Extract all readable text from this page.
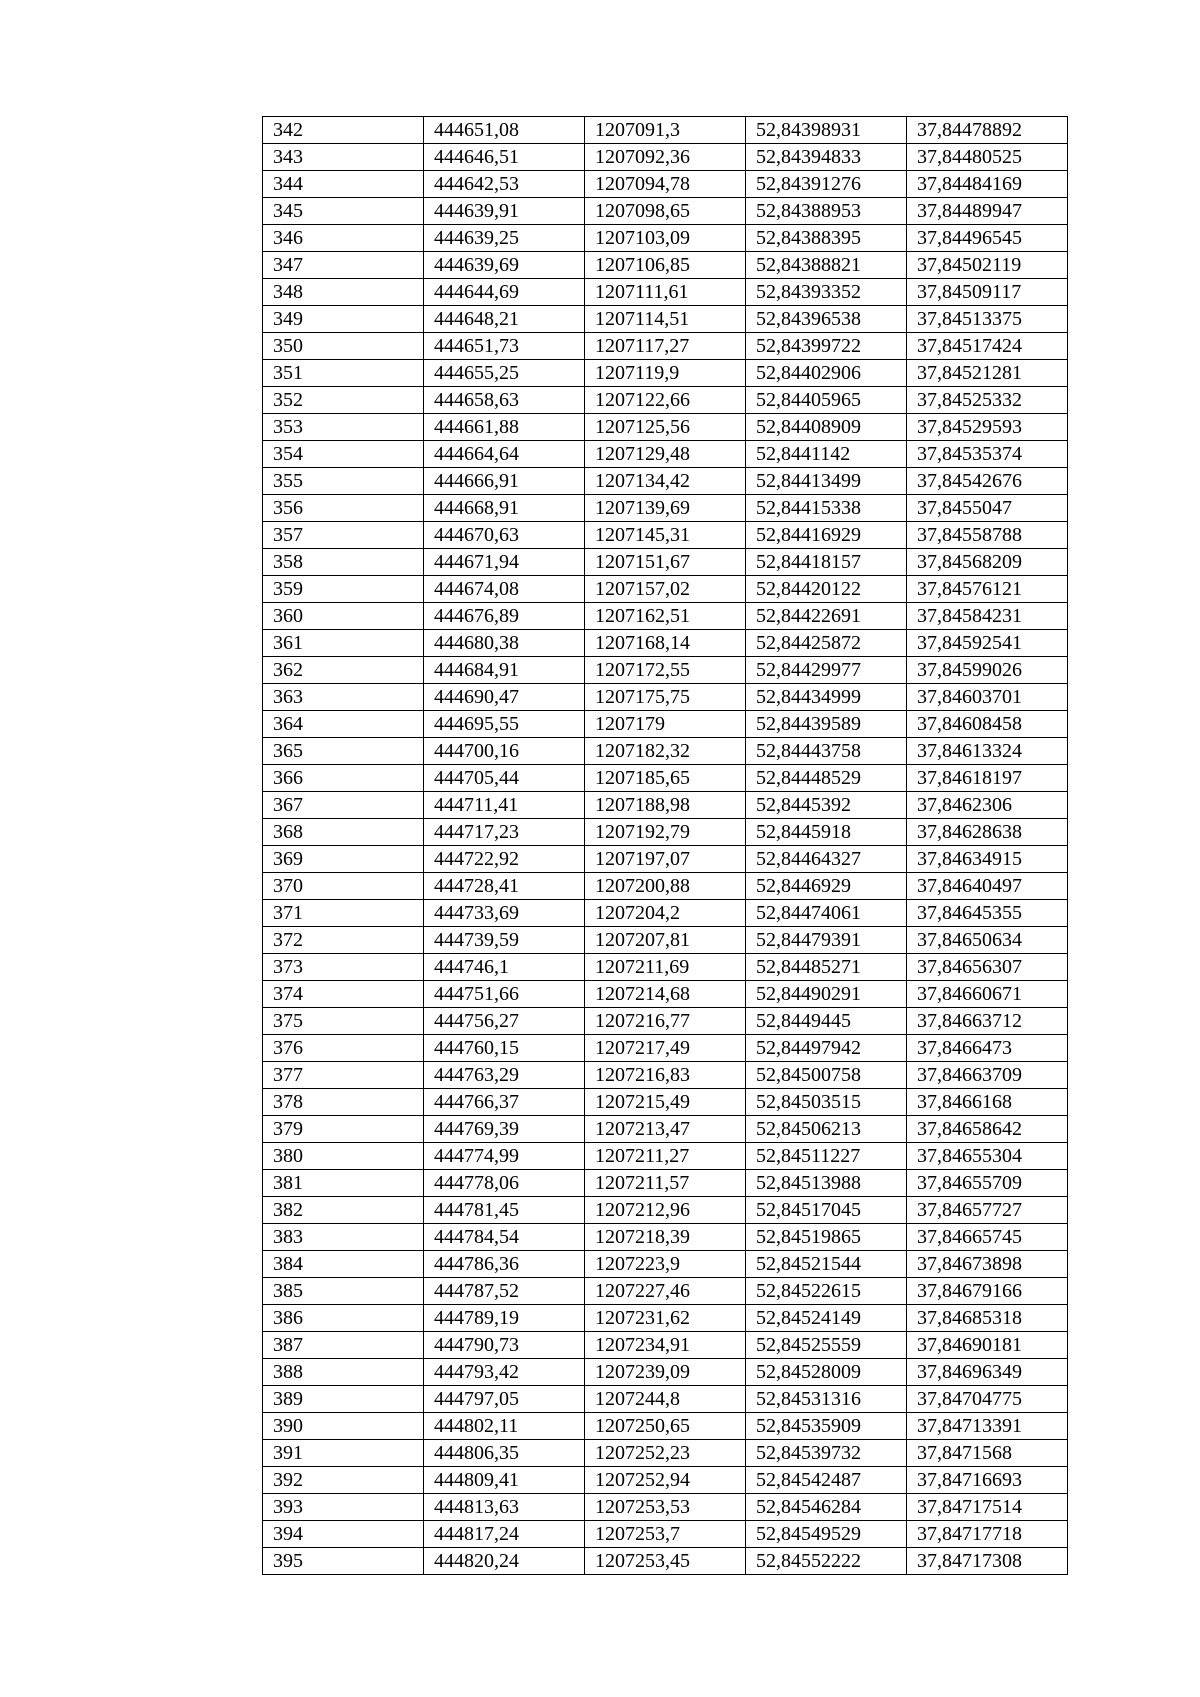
342	444651,08	1207091,3	52,84398931	37,84478892
343	444646,51	1207092,36	52,84394833	37,84480525
344	444642,53	1207094,78	52,84391276	37,84484169
345	444639,91	1207098,65	52,84388953	37,84489947
346	444639,25	1207103,09	52,84388395	37,84496545
347	444639,69	1207106,85	52,84388821	37,84502119
348	444644,69	1207111,61	52,84393352	37,84509117
349	444648,21	1207114,51	52,84396538	37,84513375
350	444651,73	1207117,27	52,84399722	37,84517424
351	444655,25	1207119,9	52,84402906	37,84521281
352	444658,63	1207122,66	52,84405965	37,84525332
353	444661,88	1207125,56	52,84408909	37,84529593
354	444664,64	1207129,48	52,8441142	37,84535374
355	444666,91	1207134,42	52,84413499	37,84542676
356	444668,91	1207139,69	52,84415338	37,8455047
357	444670,63	1207145,31	52,84416929	37,84558788
358	444671,94	1207151,67	52,84418157	37,84568209
359	444674,08	1207157,02	52,84420122	37,84576121
360	444676,89	1207162,51	52,84422691	37,84584231
361	444680,38	1207168,14	52,84425872	37,84592541
362	444684,91	1207172,55	52,84429977	37,84599026
363	444690,47	1207175,75	52,84434999	37,84603701
364	444695,55	1207179	52,84439589	37,84608458
365	444700,16	1207182,32	52,84443758	37,84613324
366	444705,44	1207185,65	52,84448529	37,84618197
367	444711,41	1207188,98	52,8445392	37,8462306
368	444717,23	1207192,79	52,8445918	37,84628638
369	444722,92	1207197,07	52,84464327	37,84634915
370	444728,41	1207200,88	52,8446929	37,84640497
371	444733,69	1207204,2	52,84474061	37,84645355
372	444739,59	1207207,81	52,84479391	37,84650634
373	444746,1	1207211,69	52,84485271	37,84656307
374	444751,66	1207214,68	52,84490291	37,84660671
375	444756,27	1207216,77	52,8449445	37,84663712
376	444760,15	1207217,49	52,84497942	37,8466473
377	444763,29	1207216,83	52,84500758	37,84663709
378	444766,37	1207215,49	52,84503515	37,8466168
379	444769,39	1207213,47	52,84506213	37,84658642
380	444774,99	1207211,27	52,84511227	37,84655304
381	444778,06	1207211,57	52,84513988	37,84655709
382	444781,45	1207212,96	52,84517045	37,84657727
383	444784,54	1207218,39	52,84519865	37,84665745
384	444786,36	1207223,9	52,84521544	37,84673898
385	444787,52	1207227,46	52,84522615	37,84679166
386	444789,19	1207231,62	52,84524149	37,84685318
387	444790,73	1207234,91	52,84525559	37,84690181
388	444793,42	1207239,09	52,84528009	37,84696349
389	444797,05	1207244,8	52,84531316	37,84704775
390	444802,11	1207250,65	52,84535909	37,84713391
391	444806,35	1207252,23	52,84539732	37,8471568
392	444809,41	1207252,94	52,84542487	37,84716693
393	444813,63	1207253,53	52,84546284	37,84717514
394	444817,24	1207253,7	52,84549529	37,84717718
395	444820,24	1207253,45	52,84552222	37,84717308
